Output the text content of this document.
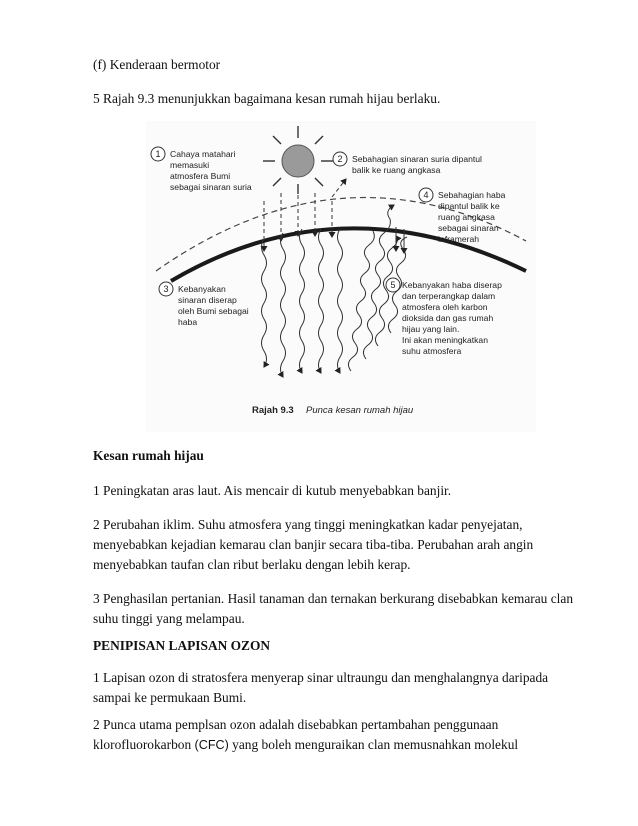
(f) Kenderaan bermotor

5 Rajah 9.3 menunjukkan bagaimana kesan rumah hijau berlaku.

1 Cahaya matahari
memasuki
atmosfera Bumi
sebagai sinaran suria
2 Sebahagian sinaran suria dipantul
balik ke ruang angkasa
4 Sebahagian haba
dipantul balik ke
ruang angkasa
sebagai sinaran
inframerah
3 Kebanyakan
sinaran diserap
oleh Bumi sebagai
haba
5 Kebanyakan haba diserap
dan terperangkap dalam
atmosfera oleh karbon
dioksida dan gas rumah
hijau yang lain.
Ini akan meningkatkan
suhu atmosfera
Rajah 9.3 Punca kesan rumah hijau

Kesan rumah hijau

1 Peningkatan aras laut. Ais mencair di kutub menyebabkan banjir.

2 Perubahan iklim. Suhu atmosfera yang tinggi meningkatkan kadar penyejatan, menyebabkan kejadian kemarau clan banjir secara tiba-tiba. Perubahan arah angin menyebabkan taufan clan ribut berlaku dengan lebih kerap.

3 Penghasilan pertanian. Hasil tanaman dan ternakan berkurang disebabkan kemarau clan suhu tinggi yang melampau.

PENIPISAN LAPISAN OZON

1 Lapisan ozon di stratosfera menyerap sinar ultraungu dan menghalangnya daripada sampai ke permukaan Bumi.

2 Punca utama pemplsan ozon adalah disebabkan pertambahan penggunaan klorofluorokarbon (CFC) yang boleh menguraikan clan memusnahkan molekul
